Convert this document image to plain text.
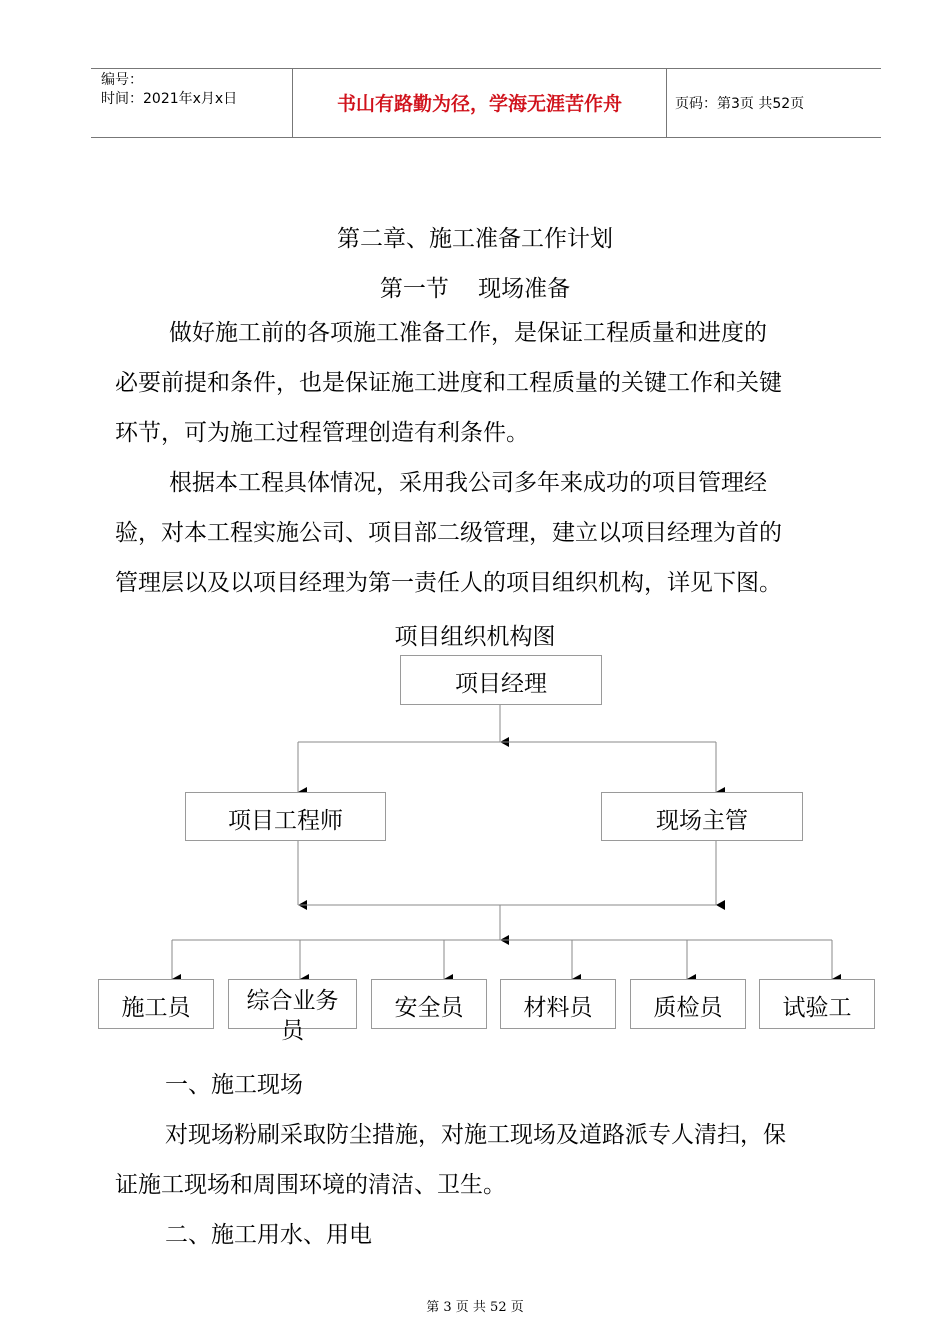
编号：
时间：2021年x月x日	书山有路勤为径，学海无涯苦作舟	页码：第3页 共52页
第二章、施工准备工作计划
第一节    现场准备
做好施工前的各项施工准备工作，是保证工程质量和进度的
必要前提和条件，也是保证施工进度和工程质量的关键工作和关键
环节，可为施工过程管理创造有利条件。
根据本工程具体情况，采用我公司多年来成功的项目管理经
验，对本工程实施公司、项目部二级管理，建立以项目经理为首的
管理层以及以项目经理为第一责任人的项目组织机构，详见下图。
项目组织机构图
项目经理
项目工程师	现场主管
施工员	综合业务员
安全员	材料员	质检员	试验工
一、施工现场
对现场粉刷采取防尘措施，对施工现场及道路派专人清扫，保
证施工现场和周围环境的清洁、卫生。
二、施工用水、用电
第 3 页 共 52 页
